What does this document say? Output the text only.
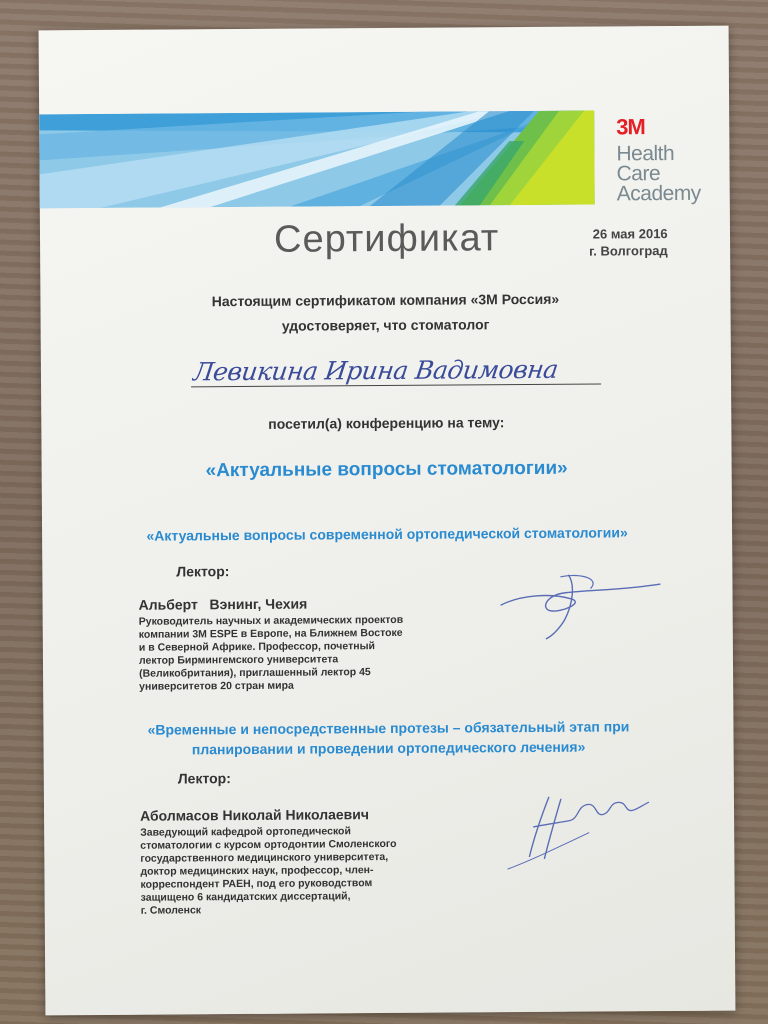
3M
Health
Care
Academy
Сертификат	26 мая 2016
г. Волгоград
Настоящим сертификатом компания «3М Россия»
удостоверяет, что стоматолог
Левикина Ирина Вадимовна
посетил(а) конференцию на тему:
«Актуальные вопросы стоматологии»
«Актуальные вопросы современной ортопедической стоматологии»
Лектор:
Альберт   Вэнинг, Чехия
Руководитель научных и академических проектов
компании 3М ESPE в Европе, на Ближнем Востоке
и в Северной Африке. Профессор, почетный
лектор Бирмингемского университета
(Великобритания), приглашенный лектор 45
университетов 20 стран мира
«Временные и непосредственные протезы – обязательный этап при
планировании и проведении ортопедического лечения»
Лектор:
Аболмасов Николай Николаевич
Заведующий кафедрой ортопедической
стоматологии с курсом ортодонтии Смоленского
государственного медицинского университета,
доктор медицинских наук, профессор, член-
корреспондент РАЕН, под его руководством
защищено 6 кандидатских диссертаций,
г. Смоленск
